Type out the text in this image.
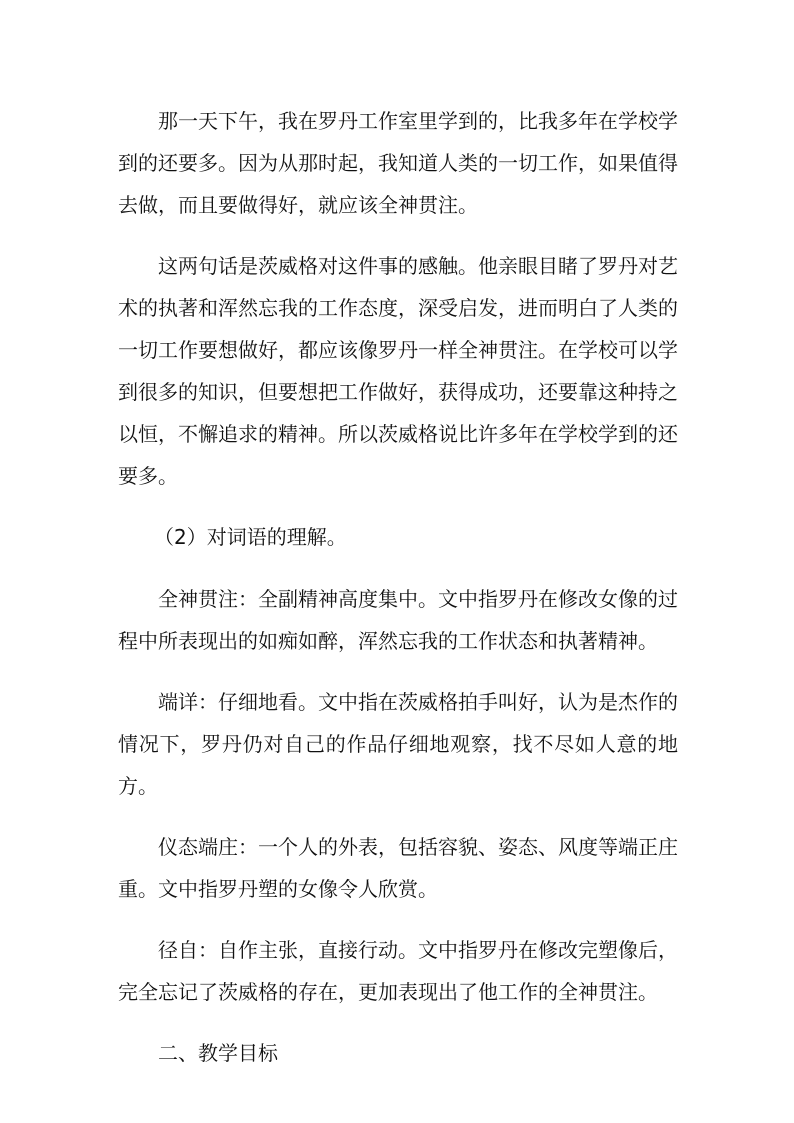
那一天下午，我在罗丹工作室里学到的，比我多年在学校学到的还要多。因为从那时起，我知道人类的一切工作，如果值得去做，而且要做得好，就应该全神贯注。

这两句话是茨威格对这件事的感触。他亲眼目睹了罗丹对艺术的执著和浑然忘我的工作态度，深受启发，进而明白了人类的一切工作要想做好，都应该像罗丹一样全神贯注。在学校可以学到很多的知识，但要想把工作做好，获得成功，还要靠这种持之以恒，不懈追求的精神。所以茨威格说比许多年在学校学到的还要多。

（2）对词语的理解。

全神贯注：全副精神高度集中。文中指罗丹在修改女像的过程中所表现出的如痴如醉，浑然忘我的工作状态和执著精神。

端详：仔细地看。文中指在茨威格拍手叫好，认为是杰作的情况下，罗丹仍对自己的作品仔细地观察，找不尽如人意的地方。

仪态端庄：一个人的外表，包括容貌、姿态、风度等端正庄重。文中指罗丹塑的女像令人欣赏。

径自：自作主张，直接行动。文中指罗丹在修改完塑像后，完全忘记了茨威格的存在，更加表现出了他工作的全神贯注。

二、教学目标
